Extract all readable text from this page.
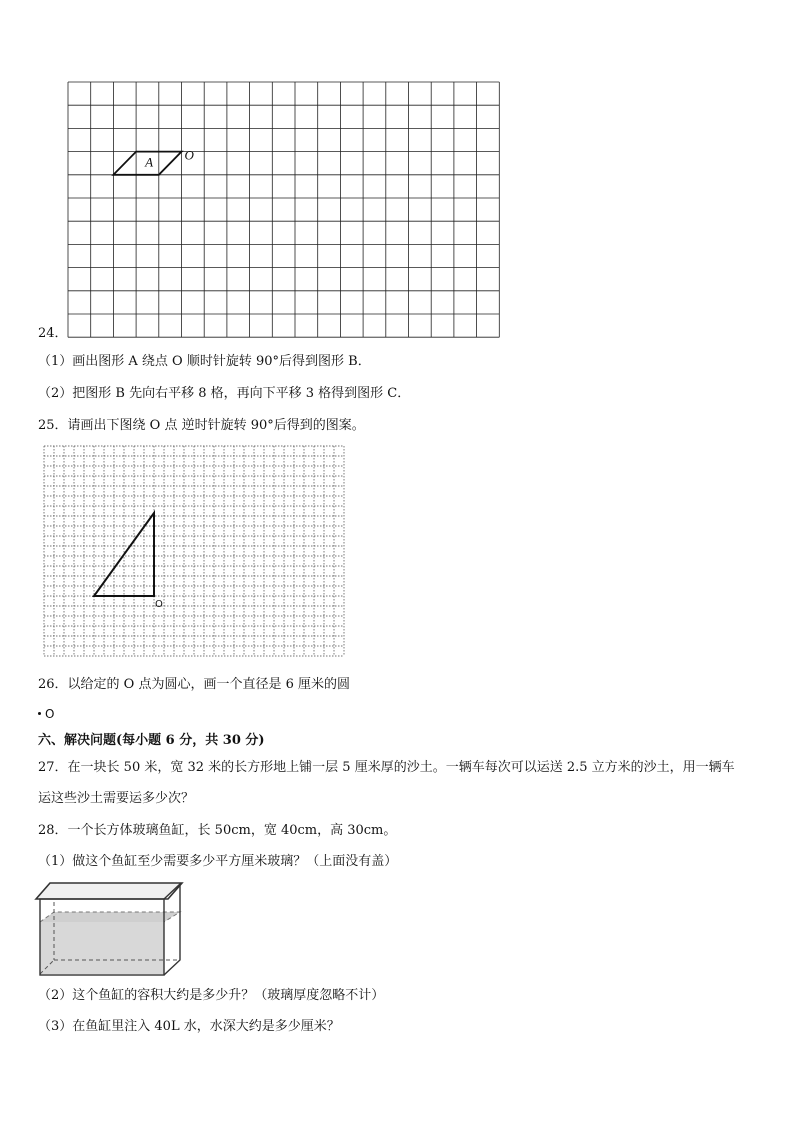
A O
24．
（1）画出图形 A 绕点 O 顺时针旋转 90°后得到图形 B．
（2）把图形 B 先向右平移 8 格，再向下平移 3 格得到图形 C．
25．请画出下图绕 O 点 逆时针旋转 90°后得到的图案。
26．以给定的 O 点为圆心，画一个直径是 6 厘米的圆
O
六、解决问题(每小题 6 分，共 30 分)
27．在一块长 50 米，宽 32 米的长方形地上铺一层 5 厘米厚的沙土。一辆车每次可以运送 2.5 立方米的沙土，用一辆车
运这些沙土需要运多少次？
28．一个长方体玻璃鱼缸，长 50cm，宽 40cm，高 30cm。
（1）做这个鱼缸至少需要多少平方厘米玻璃？（上面没有盖）
（2）这个鱼缸的容积大约是多少升？（玻璃厚度忽略不计）
（3）在鱼缸里注入 40L 水，水深大约是多少厘米？
O
